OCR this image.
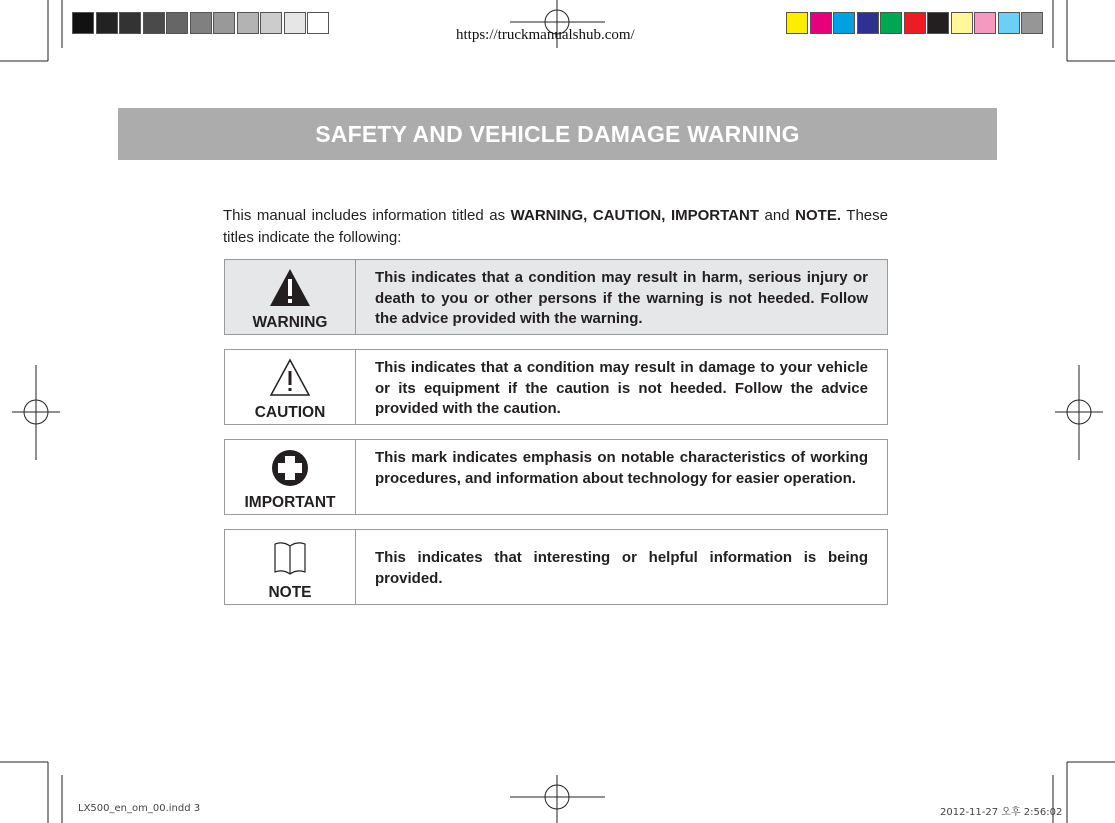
https://truckmanualshub.com/
SAFETY AND VEHICLE DAMAGE WARNING
This manual includes information titled as WARNING, CAUTION, IMPORTANT and NOTE. These titles indicate the following:
WARNING
This indicates that a condition may result in harm, serious injury or death to you or other persons if the warning is not heeded. Follow the advice provided with the warning.
CAUTION
This indicates that a condition may result in damage to your vehicle or its equipment if the caution is not heeded. Follow the advice provided with the caution.
IMPORTANT
This mark indicates emphasis on notable characteristics of working procedures, and information about technology for easier operation.
NOTE
This indicates that interesting or helpful information is being provided.
LX500_en_om_00.indd 3	2012-11-27 오후 2:56:02
